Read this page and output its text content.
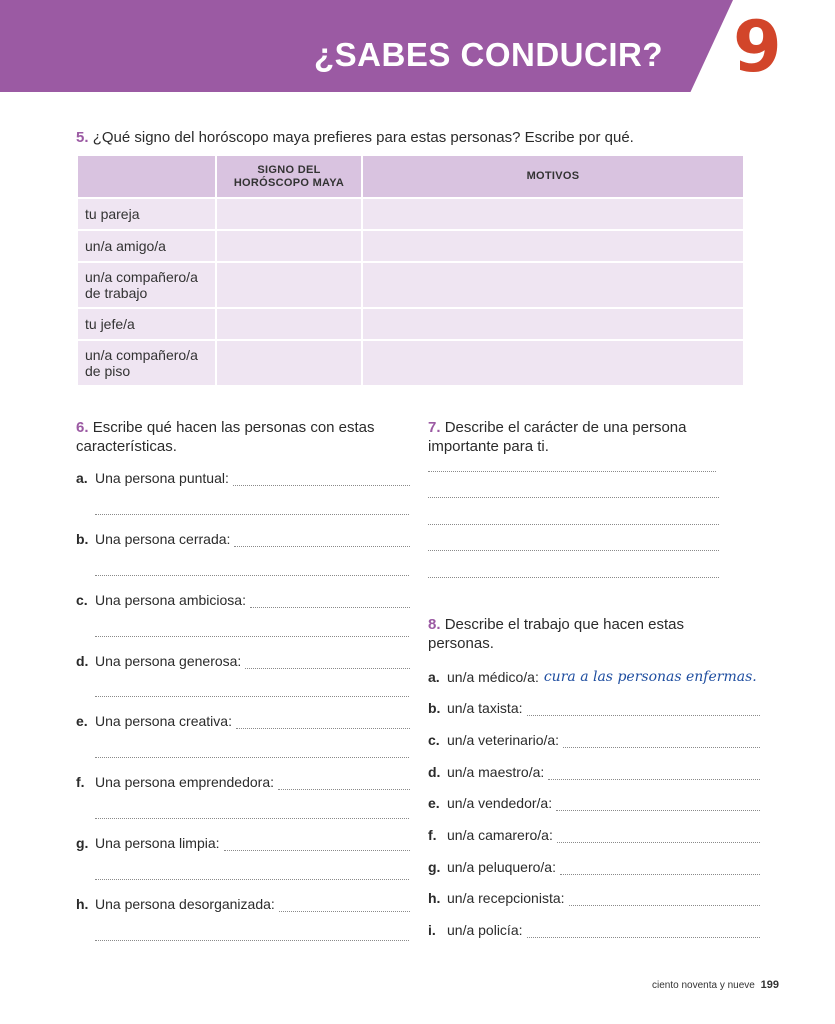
¿SABES CONDUCIR? 9
5. ¿Qué signo del horóscopo maya prefieres para estas personas? Escribe por qué.
	SIGNO DEL HORÓSCOPO MAYA	MOTIVOS
tu pareja		
un/a amigo/a		
un/a compañero/a de trabajo		
tu jefe/a		
un/a compañero/a de piso		
6. Escribe qué hacen las personas con estas características.
a. Una persona puntual:
b. Una persona cerrada:
c. Una persona ambiciosa:
d. Una persona generosa:
e. Una persona creativa:
f. Una persona emprendedora:
g. Una persona limpia:
h. Una persona desorganizada:
7. Describe el carácter de una persona importante para ti.
8. Describe el trabajo que hacen estas personas.
a. un/a médico/a: cura a las personas enfermas.
b. un/a taxista:
c. un/a veterinario/a:
d. un/a maestro/a:
e. un/a vendedor/a:
f. un/a camarero/a:
g. un/a peluquero/a:
h. un/a recepcionista:
i. un/a policía:
ciento noventa y nueve 199
